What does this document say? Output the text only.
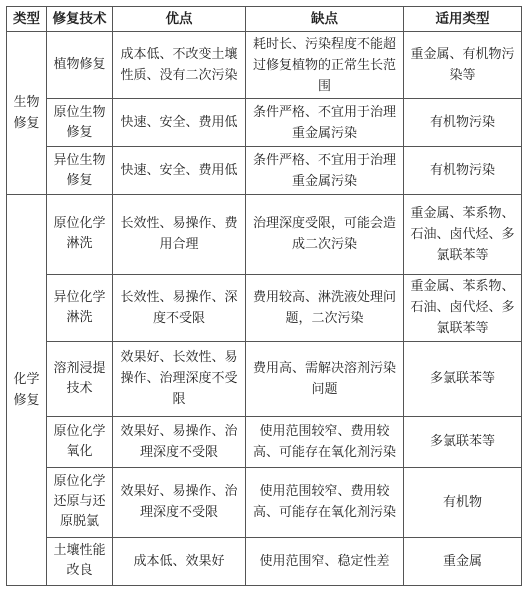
类型	修复技术	优点	缺点	适用类型
生物修复	植物修复	成本低、不改变土壤性质、没有二次污染	耗时长、污染程度不能超过修复植物的正常生长范围	重金属、有机物污染等
	原位生物修复	快速、安全、费用低	条件严格、不宜用于治理重金属污染	有机物污染
	异位生物修复	快速、安全、费用低	条件严格、不宜用于治理重金属污染	有机物污染
化学修复	原位化学淋洗	长效性、易操作、费用合理	治理深度受限，可能会造成二次污染	重金属、苯系物、石油、卤代烃、多氯联苯等
	异位化学淋洗	长效性、易操作、深度不受限	费用较高、淋洗液处理问题，二次污染	重金属、苯系物、石油、卤代烃、多氯联苯等
	溶剂浸提技术	效果好、长效性、易操作、治理深度不受限	费用高、需解决溶剂污染问题	多氯联苯等
	原位化学氧化	效果好、易操作、治理深度不受限	使用范围较窄、费用较高、可能存在氧化剂污染	多氯联苯等
	原位化学还原与还原脱氯	效果好、易操作、治理深度不受限	使用范围较窄、费用较高、可能存在氧化剂污染	有机物
	土壤性能改良	成本低、效果好	使用范围窄、稳定性差	重金属
